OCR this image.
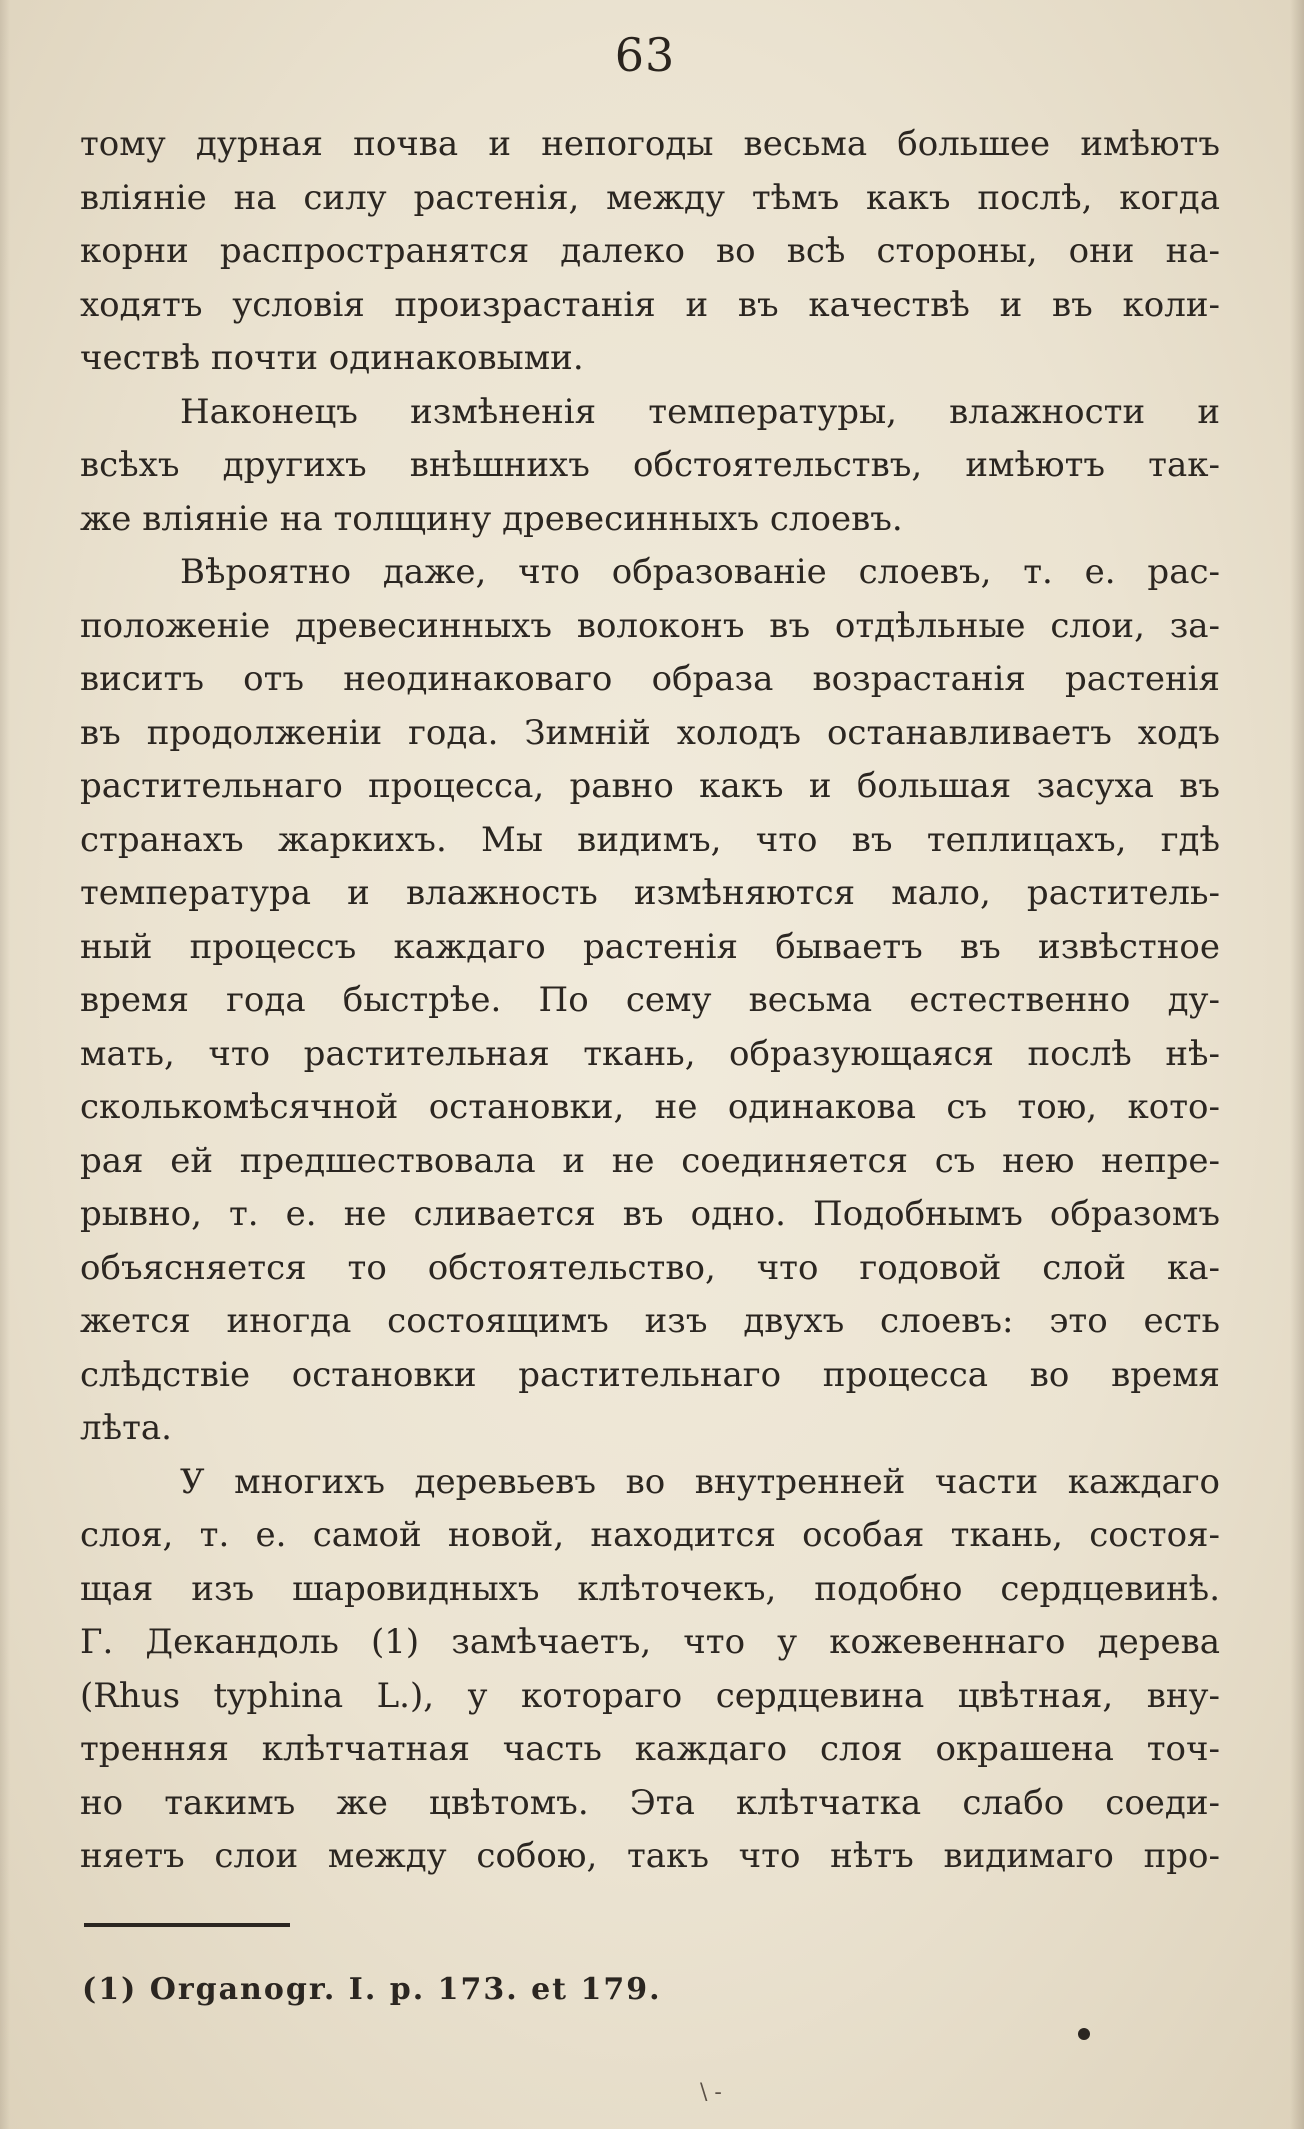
63
тому дурная почва и непогоды весьма большее имѣютъ
вліяніе на силу растенія, между тѣмъ какъ послѣ, когда
корни распространятся далеко во всѣ стороны, они на-
ходятъ условія произрастанія и въ качествѣ и въ коли-
чествѣ почти одинаковыми.
Наконецъ измѣненія температуры, влажности и
всѣхъ другихъ внѣшнихъ обстоятельствъ, имѣютъ так-
же вліяніе на толщину древесинныхъ слоевъ.
Вѣроятно даже, что образованіе слоевъ, т. е. рас-
положеніе древесинныхъ волоконъ въ отдѣльные слои, за-
виситъ отъ неодинаковаго образа возрастанія растенія
въ продолженіи года. Зимній холодъ останавливаетъ ходъ
растительнаго процесса, равно какъ и большая засуха въ
странахъ жаркихъ. Мы видимъ, что въ теплицахъ, гдѣ
температура и влажность измѣняются мало, раститель-
ный процессъ каждаго растенія бываетъ въ извѣстное
время года быстрѣе. По сему весьма естественно ду-
мать, что растительная ткань, образующаяся послѣ нѣ-
сколькомѣсячной остановки, не одинакова съ тою, кото-
рая ей предшествовала и не соединяется съ нею непре-
рывно, т. е. не сливается въ одно. Подобнымъ образомъ
объясняется то обстоятельство, что годовой слой ка-
жется иногда состоящимъ изъ двухъ слоевъ: это есть
слѣдствіе остановки растительнаго процесса во время
лѣта.
У многихъ деревьевъ во внутренней части каждаго
слоя, т. е. самой новой, находится особая ткань, состоя-
щая изъ шаровидныхъ клѣточекъ, подобно сердцевинѣ.
Г. Декандоль (1) замѣчаетъ, что у кожевеннаго дерева
(Rhus typhina L.), у котораго сердцевина цвѣтная, вну-
тренняя клѣтчатная часть каждаго слоя окрашена точ-
но такимъ же цвѣтомъ. Эта клѣтчатка слабо соеди-
няетъ слои между собою, такъ что нѣтъ видимаго про-
(1) Organogr. I. p. 173. et 179.
\ -
